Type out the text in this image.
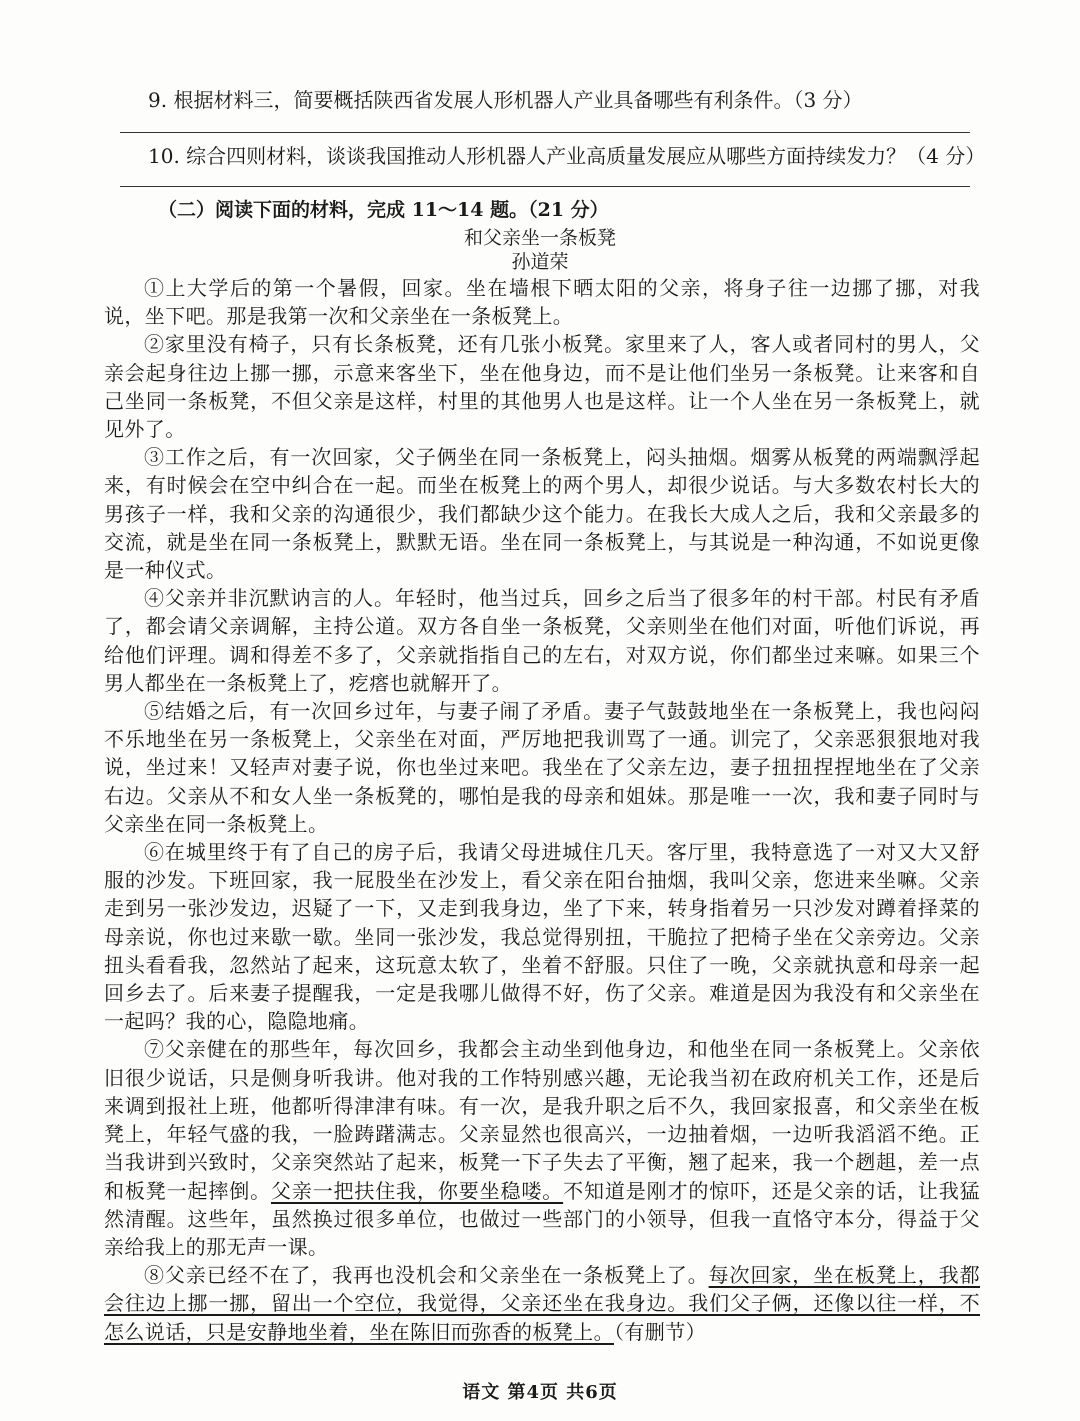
9. 根据材料三，简要概括陕西省发展人形机器人产业具备哪些有利条件。（3 分）
10. 综合四则材料，谈谈我国推动人形机器人产业高质量发展应从哪些方面持续发力？（4 分）
（二）阅读下面的材料，完成 11～14 题。（21 分）
和父亲坐一条板凳
孙道荣

①上大学后的第一个暑假，回家。坐在墙根下晒太阳的父亲，将身子往一边挪了挪，对我说，坐下吧。那是我第一次和父亲坐在一条板凳上。

②家里没有椅子，只有长条板凳，还有几张小板凳。家里来了人，客人或者同村的男人，父亲会起身往边上挪一挪，示意来客坐下，坐在他身边，而不是让他们坐另一条板凳。让来客和自己坐同一条板凳，不但父亲是这样，村里的其他男人也是这样。让一个人坐在另一条板凳上，就见外了。

③工作之后，有一次回家，父子俩坐在同一条板凳上，闷头抽烟。烟雾从板凳的两端飘浮起来，有时候会在空中纠合在一起。而坐在板凳上的两个男人，却很少说话。与大多数农村长大的男孩子一样，我和父亲的沟通很少，我们都缺少这个能力。在我长大成人之后，我和父亲最多的交流，就是坐在同一条板凳上，默默无语。坐在同一条板凳上，与其说是一种沟通，不如说更像是一种仪式。

④父亲并非沉默讷言的人。年轻时，他当过兵，回乡之后当了很多年的村干部。村民有矛盾了，都会请父亲调解，主持公道。双方各自坐一条板凳，父亲则坐在他们对面，听他们诉说，再给他们评理。调和得差不多了，父亲就指指自己的左右，对双方说，你们都坐过来嘛。如果三个男人都坐在一条板凳上了，疙瘩也就解开了。

⑤结婚之后，有一次回乡过年，与妻子闹了矛盾。妻子气鼓鼓地坐在一条板凳上，我也闷闷不乐地坐在另一条板凳上，父亲坐在对面，严厉地把我训骂了一通。训完了，父亲恶狠狠地对我说，坐过来！又轻声对妻子说，你也坐过来吧。我坐在了父亲左边，妻子扭扭捏捏地坐在了父亲右边。父亲从不和女人坐一条板凳的，哪怕是我的母亲和姐妹。那是唯一一次，我和妻子同时与父亲坐在同一条板凳上。

⑥在城里终于有了自己的房子后，我请父母进城住几天。客厅里，我特意选了一对又大又舒服的沙发。下班回家，我一屁股坐在沙发上，看父亲在阳台抽烟，我叫父亲，您进来坐嘛。父亲走到另一张沙发边，迟疑了一下，又走到我身边，坐了下来，转身指着另一只沙发对蹲着择菜的母亲说，你也过来歇一歇。坐同一张沙发，我总觉得别扭，干脆拉了把椅子坐在父亲旁边。父亲扭头看看我，忽然站了起来，这玩意太软了，坐着不舒服。只住了一晚，父亲就执意和母亲一起回乡去了。后来妻子提醒我，一定是我哪儿做得不好，伤了父亲。难道是因为我没有和父亲坐在一起吗？我的心，隐隐地痛。

⑦父亲健在的那些年，每次回乡，我都会主动坐到他身边，和他坐在同一条板凳上。父亲依旧很少说话，只是侧身听我讲。他对我的工作特别感兴趣，无论我当初在政府机关工作，还是后来调到报社上班，他都听得津津有味。有一次，是我升职之后不久，我回家报喜，和父亲坐在板凳上，年轻气盛的我，一脸踌躇满志。父亲显然也很高兴，一边抽着烟，一边听我滔滔不绝。正当我讲到兴致时，父亲突然站了起来，板凳一下子失去了平衡，翘了起来，我一个趔趄，差一点和板凳一起摔倒。父亲一把扶住我，你要坐稳喽。不知道是刚才的惊吓，还是父亲的话，让我猛然清醒。这些年，虽然换过很多单位，也做过一些部门的小领导，但我一直恪守本分，得益于父亲给我上的那无声一课。

⑧父亲已经不在了，我再也没机会和父亲坐在一条板凳上了。每次回家，坐在板凳上，我都会往边上挪一挪，留出一个空位，我觉得，父亲还坐在我身边。我们父子俩，还像以往一样，不怎么说话，只是安静地坐着，坐在陈旧而弥香的板凳上。（有删节）

语文 第4页 共6页
